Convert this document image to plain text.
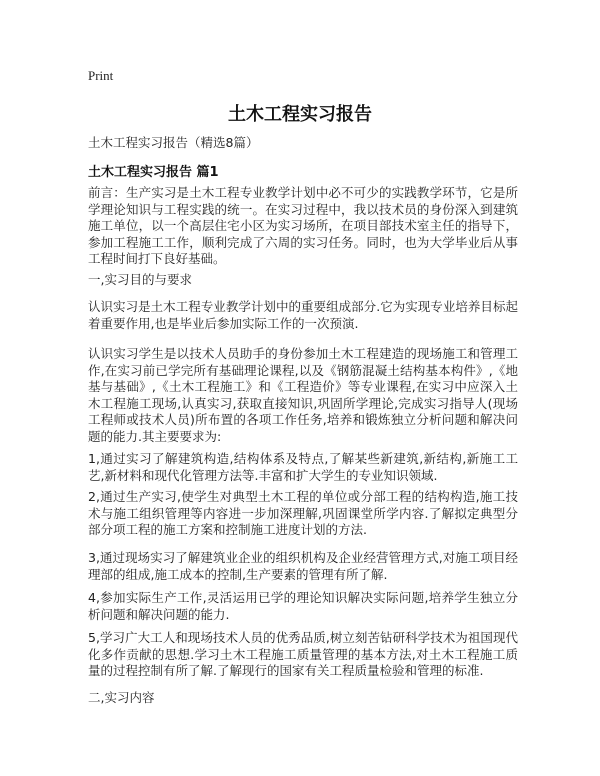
Print
土木工程实习报告
土木工程实习报告（精选8篇）
土木工程实习报告 篇1
前言：生产实习是土木工程专业教学计划中必不可少的实践教学环节，它是所学理论知识与工程实践的统一。在实习过程中，我以技术员的身份深入到建筑施工单位，以一个高层住宅小区为实习场所，在项目部技术室主任的指导下，参加工程施工工作，顺利完成了六周的实习任务。同时，也为大学毕业后从事工程时间打下良好基础。
一,实习目的与要求
认识实习是土木工程专业教学计划中的重要组成部分.它为实现专业培养目标起着重要作用,也是毕业后参加实际工作的一次预演.
认识实习学生是以技术人员助手的身份参加土木工程建造的现场施工和管理工作,在实习前已学完所有基础理论课程,以及《钢筋混凝土结构基本构件》,《地基与基础》,《土木工程施工》和《工程造价》等专业课程,在实习中应深入土木工程施工现场,认真实习,获取直接知识,巩固所学理论,完成实习指导人(现场工程师或技术人员)所布置的各项工作任务,培养和锻炼独立分析问题和解决问题的能力.其主要要求为:
1,通过实习了解建筑构造,结构体系及特点,了解某些新建筑,新结构,新施工工艺,新材料和现代化管理方法等.丰富和扩大学生的专业知识领域.
2,通过生产实习,使学生对典型土木工程的单位或分部工程的结构构造,施工技术与施工组织管理等内容进一步加深理解,巩固课堂所学内容.了解拟定典型分部分项工程的施工方案和控制施工进度计划的方法.
3,通过现场实习了解建筑业企业的组织机构及企业经营管理方式,对施工项目经理部的组成,施工成本的控制,生产要素的管理有所了解.
4,参加实际生产工作,灵活运用已学的理论知识解决实际问题,培养学生独立分析问题和解决问题的能力.
5,学习广大工人和现场技术人员的优秀品质,树立刻苦钻研科学技术为祖国现代化多作贡献的思想.学习土木工程施工质量管理的基本方法,对土木工程施工质量的过程控制有所了解.了解现行的国家有关工程质量检验和管理的标准.
二,实习内容
